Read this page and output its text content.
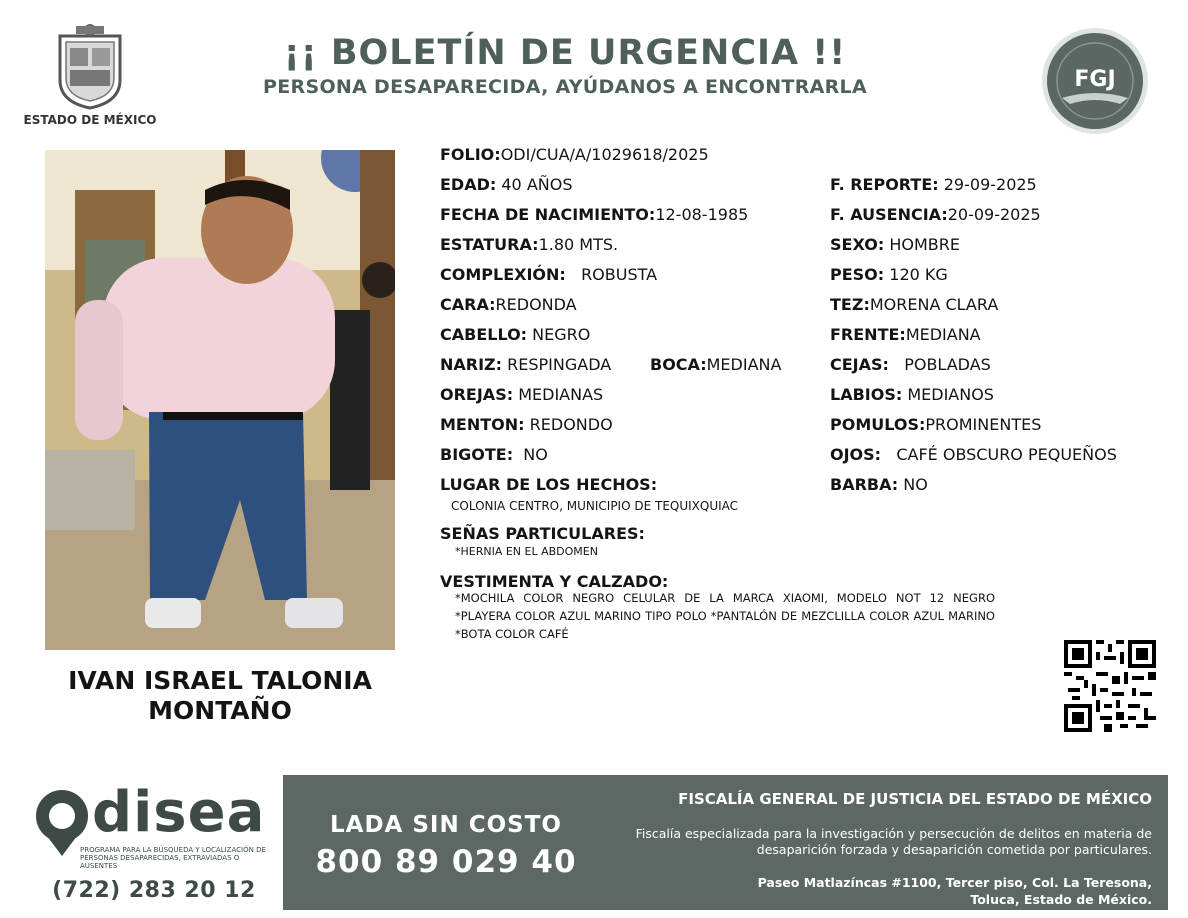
ESTADO DE MÉXICO
¡¡ BOLETÍN DE URGENCIA !!
PERSONA DESAPARECIDA, AYÚDANOS A ENCONTRARLA	FGJ
IVAN ISRAEL TALONIA
MONTAÑO
FOLIO:ODI/CUA/A/1029618/2025
EDAD: 40 AÑOS
FECHA DE NACIMIENTO:12-08-1985
ESTATURA:1.80 MTS.
COMPLEXIÓN: ROBUSTA
CARA:REDONDA
CABELLO: NEGRO
NARIZ: RESPINGADA BOCA:MEDIANA
OREJAS: MEDIANAS
MENTON: REDONDO
BIGOTE: NO
F. REPORTE: 29-09-2025
F. AUSENCIA:20-09-2025
SEXO: HOMBRE
PESO: 120 KG
TEZ:MORENA CLARA
FRENTE:MEDIANA
CEJAS: POBLADAS
LABIOS: MEDIANOS
POMULOS:PROMINENTES
OJOS: CAFÉ OBSCURO PEQUEÑOS
BARBA: NO
LUGAR DE LOS HECHOS:
COLONIA CENTRO, MUNICIPIO DE TEQUIXQUIAC
SEÑAS PARTICULARES:
*HERNIA EN EL ABDOMEN
VESTIMENTA Y CALZADO:
*MOCHILA COLOR NEGRO CELULAR DE LA MARCA XIAOMI, MODELO NOT 12 NEGRO *PLAYERA COLOR AZUL MARINO TIPO POLO *PANTALÓN DE MEZCLILLA COLOR AZUL MARINO *BOTA COLOR CAFÉ
disea
PROGRAMA PARA LA BÚSQUEDA Y LOCALIZACIÓN DE PERSONAS DESAPARECIDAS, EXTRAVIADAS O AUSENTES
(722) 283 20 12
LADA SIN COSTO
800 89 029 40
FISCALÍA GENERAL DE JUSTICIA DEL ESTADO DE MÉXICO
Fiscalía especializada para la investigación y persecución de delitos en materia de desaparición forzada y desaparición cometida por particulares.
Paseo Matlazíncas #1100, Tercer piso, Col. La Teresona,
Toluca, Estado de México.
